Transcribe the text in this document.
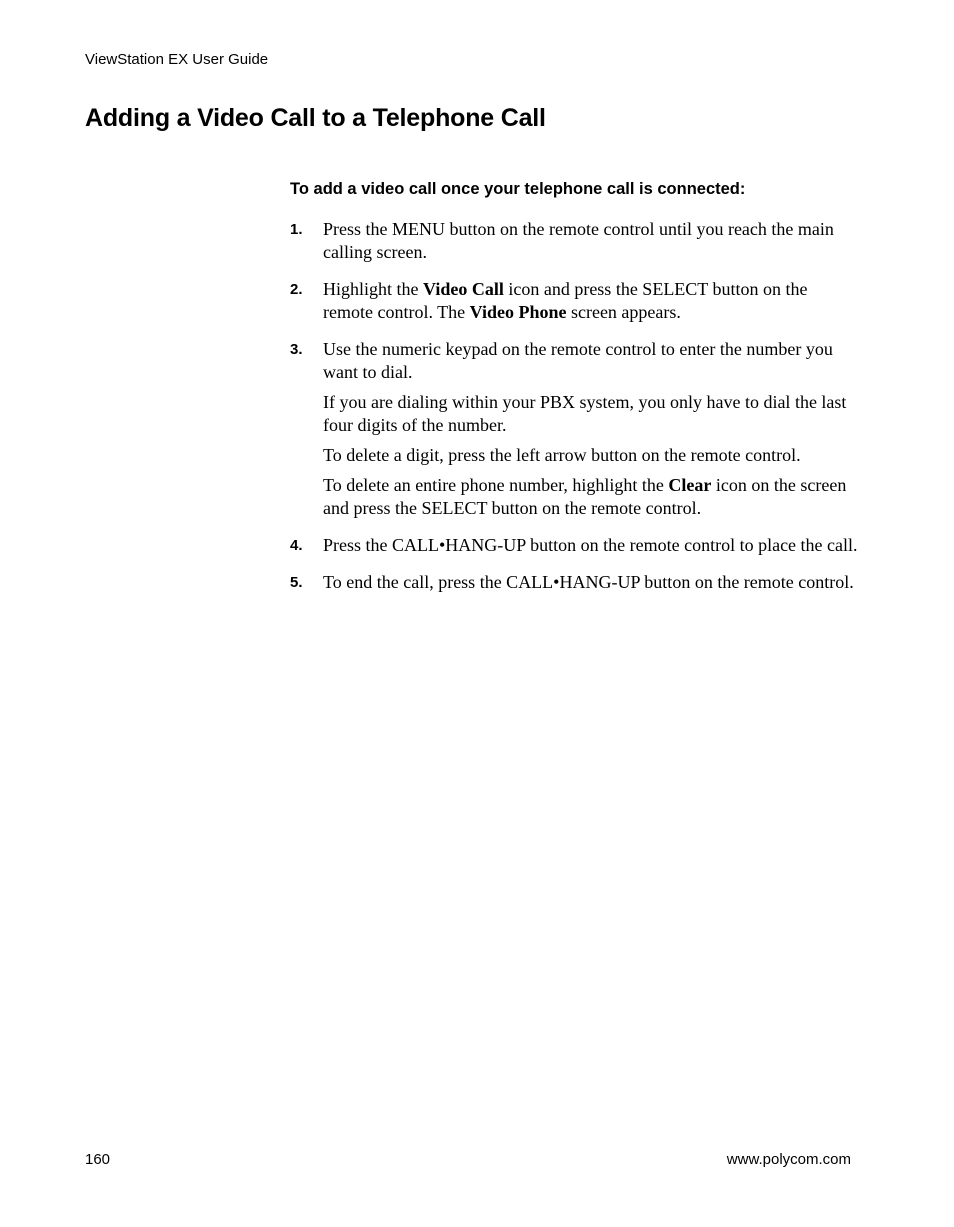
ViewStation EX User Guide
Adding a Video Call to a Telephone Call
To add a video call once your telephone call is connected:
1. Press the MENU button on the remote control until you reach the main calling screen.

2. Highlight the Video Call icon and press the SELECT button on the remote control. The Video Phone screen appears.

3. Use the numeric keypad on the remote control to enter the number you want to dial.

If you are dialing within your PBX system, you only have to dial the last four digits of the number.

To delete a digit, press the left arrow button on the remote control.

To delete an entire phone number, highlight the Clear icon on the screen and press the SELECT button on the remote control.

4. Press the CALL•HANG-UP button on the remote control to place the call.

5. To end the call, press the CALL•HANG-UP button on the remote control.

160	www.polycom.com
